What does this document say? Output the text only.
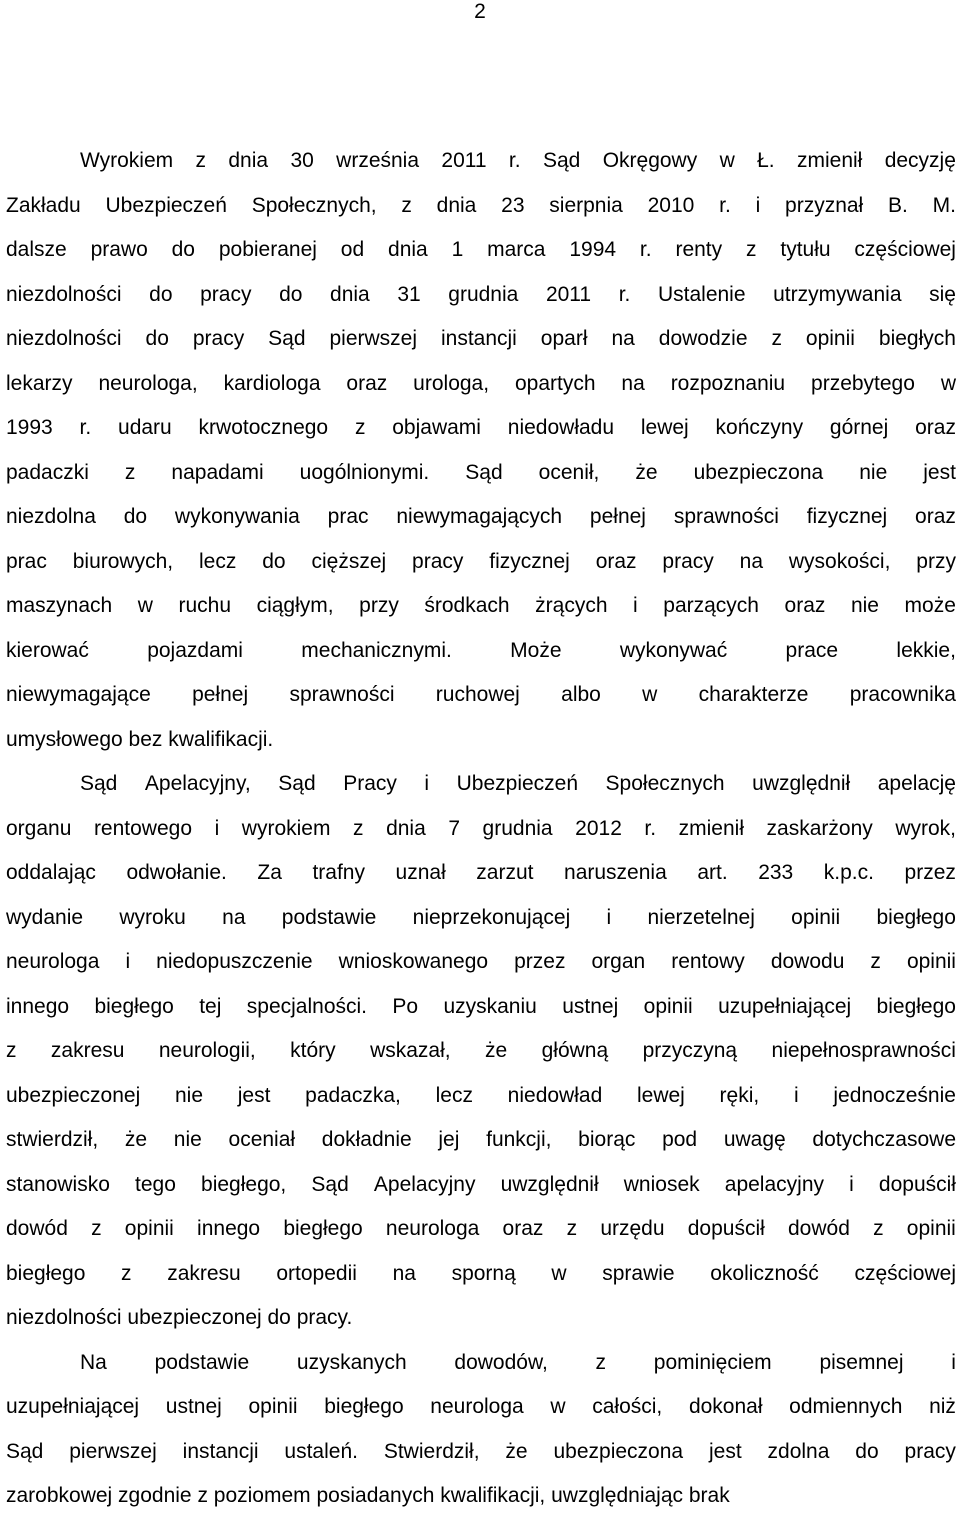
2
Wyrokiem z dnia 30 września 2011 r. Sąd Okręgowy w Ł. zmienił decyzję
Zakładu Ubezpieczeń Społecznych, z dnia 23 sierpnia 2010 r. i przyznał B. M.
dalsze prawo do pobieranej od dnia 1 marca 1994 r. renty z tytułu częściowej
niezdolności do pracy do dnia 31 grudnia 2011 r. Ustalenie utrzymywania się
niezdolności do pracy Sąd pierwszej instancji oparł na dowodzie z opinii biegłych
lekarzy neurologa, kardiologa oraz urologa, opartych na rozpoznaniu przebytego w
1993 r. udaru krwotocznego z objawami niedowładu lewej kończyny górnej oraz
padaczki z napadami uogólnionymi. Sąd ocenił, że ubezpieczona nie jest
niezdolna do wykonywania prac niewymagających pełnej sprawności fizycznej oraz
prac biurowych, lecz do cięższej pracy fizycznej oraz pracy na wysokości, przy
maszynach w ruchu ciągłym, przy środkach żrących i parzących oraz nie może
kierować	pojazdami	mechanicznymi.	Może	wykonywać	prace	lekkie,
niewymagające pełnej sprawności ruchowej albo w charakterze pracownika
umysłowego bez kwalifikacji.
Sąd Apelacyjny, Sąd Pracy i Ubezpieczeń Społecznych uwzględnił apelację
organu rentowego i wyrokiem z dnia 7 grudnia 2012 r. zmienił zaskarżony wyrok,
oddalając odwołanie. Za trafny uznał zarzut naruszenia art. 233 k.p.c. przez
wydanie wyroku na podstawie nieprzekonującej i nierzetelnej opinii biegłego
neurologa i niedopuszczenie wnioskowanego przez organ rentowy dowodu z opinii
innego biegłego tej specjalności. Po uzyskaniu ustnej opinii uzupełniającej biegłego
z zakresu neurologii, który wskazał, że główną przyczyną niepełnosprawności
ubezpieczonej nie jest padaczka, lecz niedowład lewej ręki, i jednocześnie
stwierdził, że nie oceniał dokładnie jej funkcji, biorąc pod uwagę dotychczasowe
stanowisko tego biegłego, Sąd Apelacyjny uwzględnił wniosek apelacyjny i dopuścił
dowód z opinii innego biegłego neurologa oraz z urzędu dopuścił dowód z opinii
biegłego z zakresu ortopedii na sporną w sprawie okoliczność częściowej
niezdolności ubezpieczonej do pracy.
Na podstawie uzyskanych dowodów, z pominięciem pisemnej i
uzupełniającej ustnej opinii biegłego neurologa w całości, dokonał odmiennych niż
Sąd pierwszej instancji ustaleń. Stwierdził, że ubezpieczona jest zdolna do pracy
zarobkowej zgodnie z poziomem posiadanych kwalifikacji, uwzględniając brak
